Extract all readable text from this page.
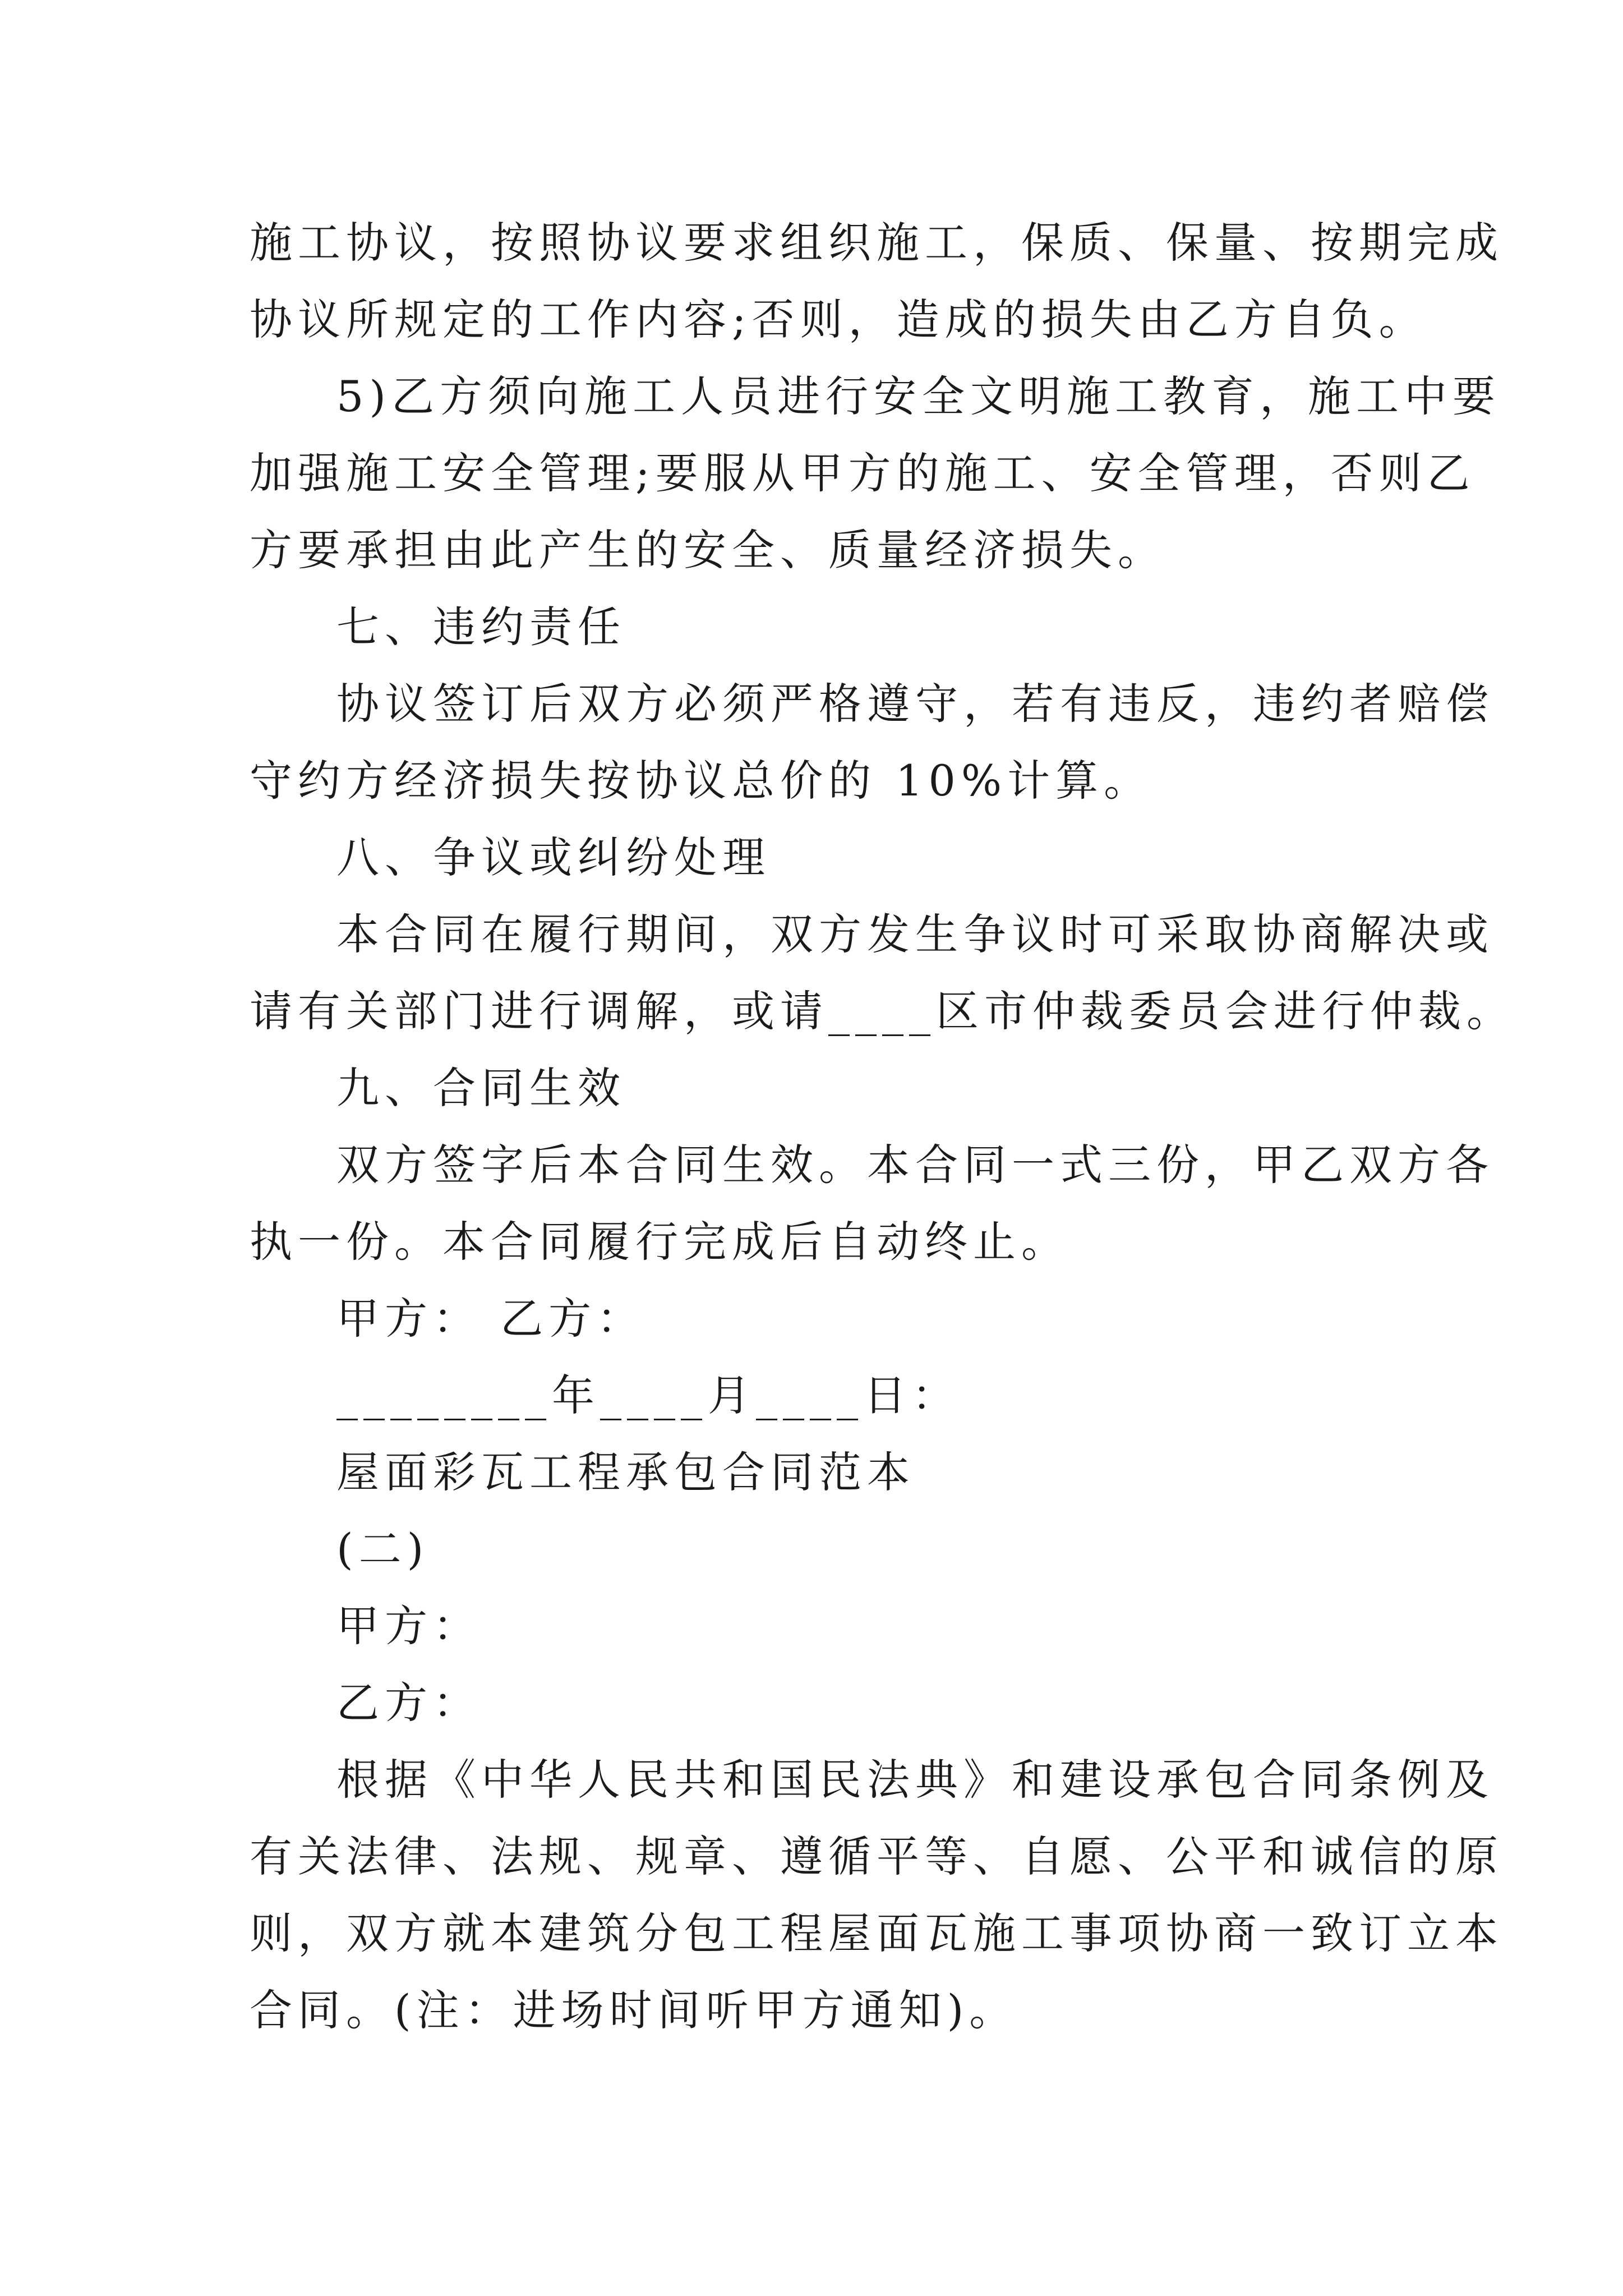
施工协议，按照协议要求组织施工，保质、保量、按期完成
协议所规定的工作内容;否则，造成的损失由乙方自负。
5)乙方须向施工人员进行安全文明施工教育，施工中要
加强施工安全管理;要服从甲方的施工、安全管理，否则乙
方要承担由此产生的安全、质量经济损失。
七、违约责任
协议签订后双方必须严格遵守，若有违反，违约者赔偿
守约方经济损失按协议总价的 10%计算。
八、争议或纠纷处理
本合同在履行期间，双方发生争议时可采取协商解决或
请有关部门进行调解，或请____区市仲裁委员会进行仲裁。
九、合同生效
双方签字后本合同生效。本合同一式三份，甲乙双方各
执一份。本合同履行完成后自动终止。
甲方： 乙方：
________年____月____日：
屋面彩瓦工程承包合同范本
(二)
甲方：
乙方：
根据《中华人民共和国民法典》和建设承包合同条例及
有关法律、法规、规章、遵循平等、自愿、公平和诚信的原
则，双方就本建筑分包工程屋面瓦施工事项协商一致订立本
合同。(注：进场时间听甲方通知)。
